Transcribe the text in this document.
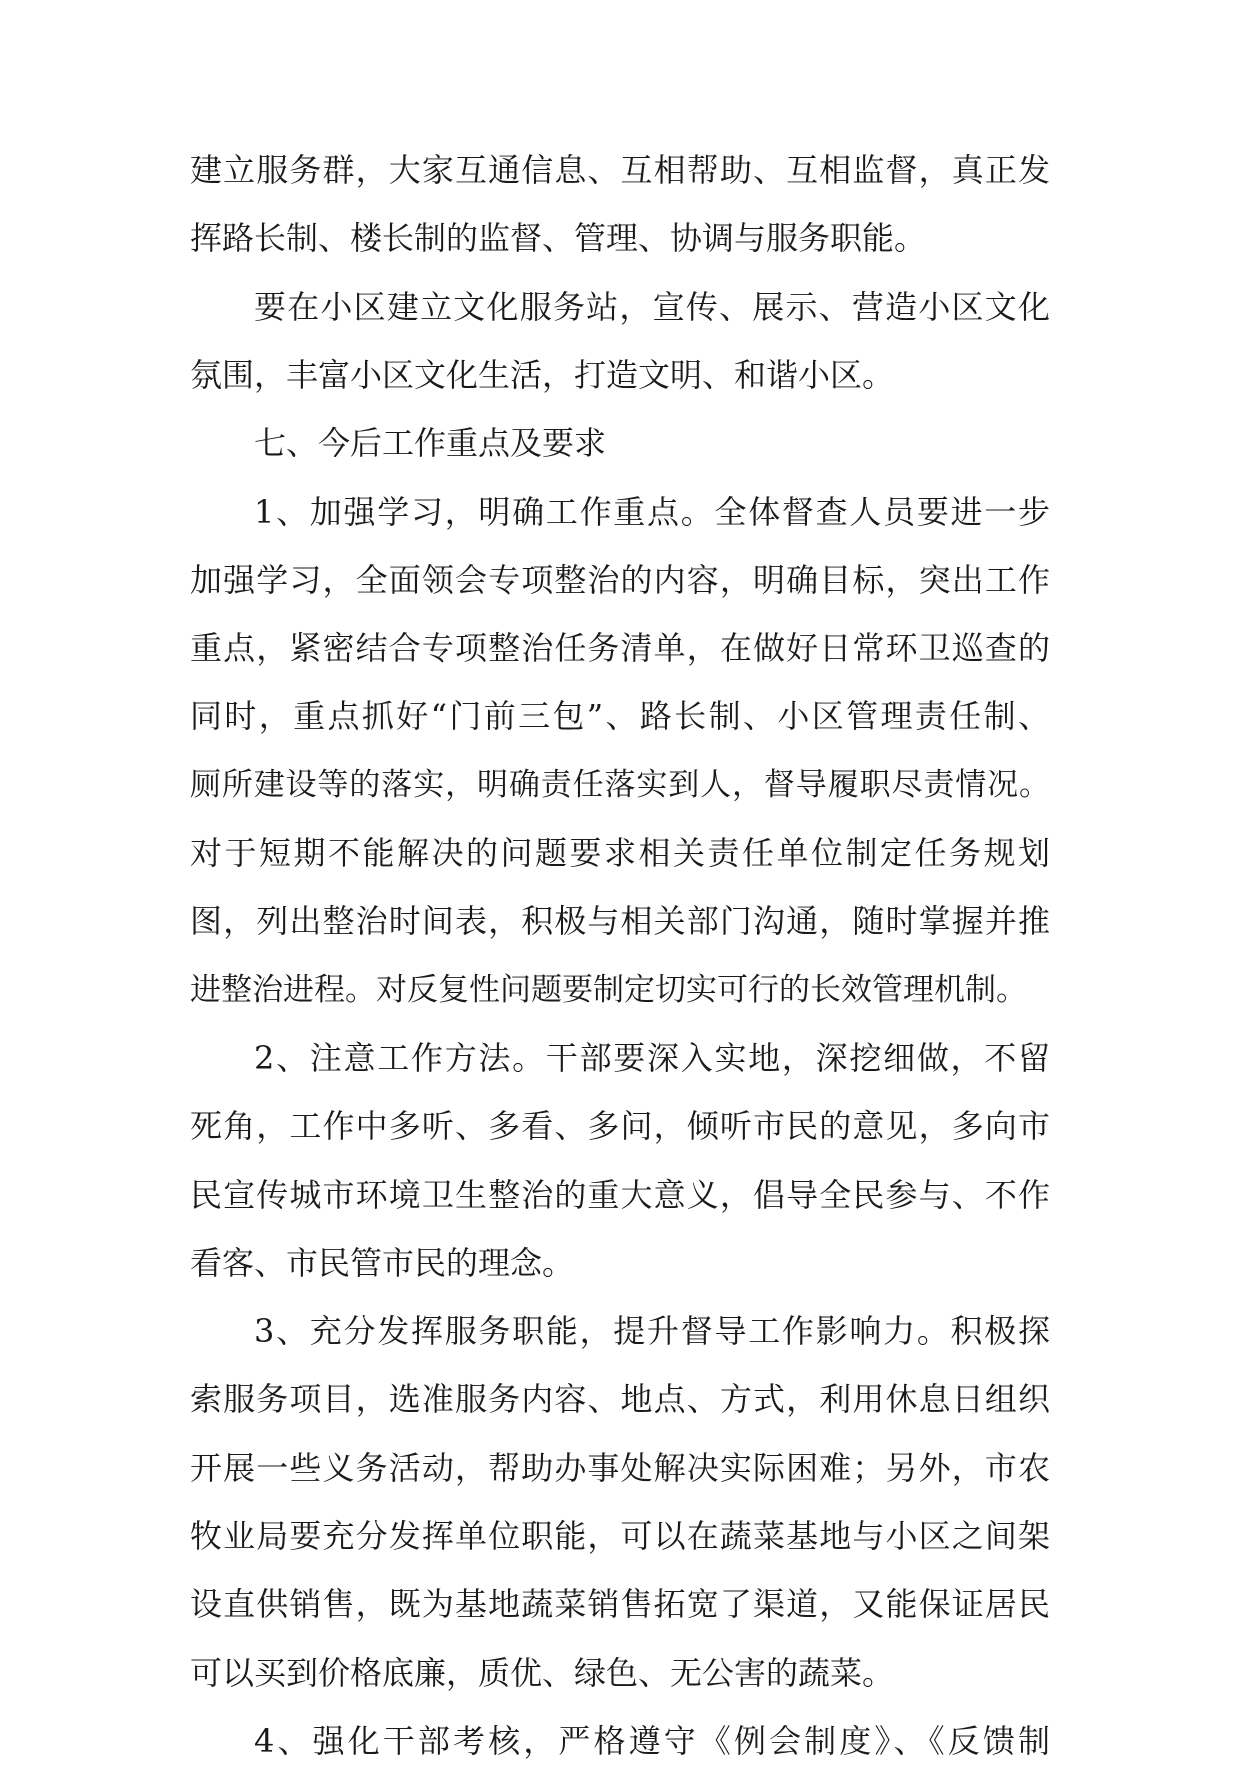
建立服务群，大家互通信息、互相帮助、互相监督，真正发
挥路长制、楼长制的监督、管理、协调与服务职能。
要在小区建立文化服务站，宣传、展示、营造小区文化
氛围，丰富小区文化生活，打造文明、和谐小区。
七、今后工作重点及要求
1、加强学习，明确工作重点。全体督查人员要进一步
加强学习，全面领会专项整治的内容，明确目标，突出工作
重点，紧密结合专项整治任务清单，在做好日常环卫巡查的
同时，重点抓好“门前三包”、路长制、小区管理责任制、
厕所建设等的落实，明确责任落实到人，督导履职尽责情况。
对于短期不能解决的问题要求相关责任单位制定任务规划
图，列出整治时间表，积极与相关部门沟通，随时掌握并推
进整治进程。对反复性问题要制定切实可行的长效管理机制。
2、注意工作方法。干部要深入实地，深挖细做，不留
死角，工作中多听、多看、多问，倾听市民的意见，多向市
民宣传城市环境卫生整治的重大意义，倡导全民参与、不作
看客、市民管市民的理念。
3、充分发挥服务职能，提升督导工作影响力。积极探
索服务项目，选准服务内容、地点、方式，利用休息日组织
开展一些义务活动，帮助办事处解决实际困难；另外，市农
牧业局要充分发挥单位职能，可以在蔬菜基地与小区之间架
设直供销售，既为基地蔬菜销售拓宽了渠道，又能保证居民
可以买到价格底廉，质优、绿色、无公害的蔬菜。
4、强化干部考核，严格遵守《例会制度》、《反馈制
